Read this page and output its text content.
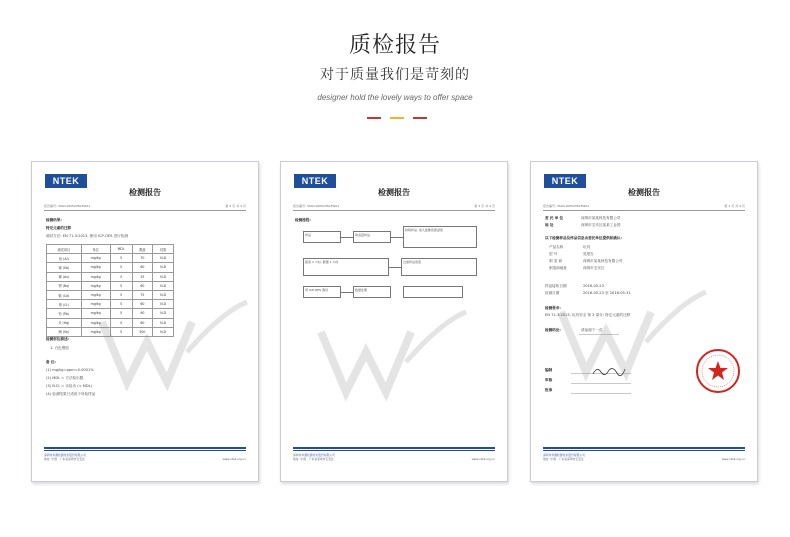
质检报告
对于质量我们是苛刻的
designer hold the lovely ways to offer space
NTEK
检测报告
报告编号: 3SGC160523503W01	第 2 页 共 4 页
检测结果:
特定元素的迁移
测试方法: EN 71-3:2013, 使用 ICP-OES 进行检测
测试项目	单位	MDL	限值	结果
铝 (Al)	mg/kg	5	70	N.D
锑 (Sb)	mg/kg	5	60	N.D
砷 (As)	mg/kg	5	25	N.D
钡 (Ba)	mg/kg	5	60	N.D
镉 (Cd)	mg/kg	5	75	N.D
铬 (Cr)	mg/kg	5	60	N.D
铅 (Pb)	mg/kg	5	90	N.D
汞 (Hg)	mg/kg	5	60	N.D
硒 (Se)	mg/kg	5	500	N.D
检测部位描述:
1. 白色塑胶
备 注:
(1) mg/kg=ppm=0.0001%
(2) MDL = 方法检出限
(3) N.D. = 未检出 (< MDL)
(4) 检测结果只适用于所检样品
深圳市华测检测技术股份有限公司
地址: 中国 · 广东省深圳市宝安区	www.ntek.org.cn
NTEK
检测报告
报告编号: 3SGC160523503W01	第 3 页 共 4 页
检测流程:
样品	取适量样品
称取样品, 加入盐酸溶液浸泡
振荡 1 小时, 静置 1 小时	过滤样品溶液
用 ICP-OES 测试	数据处理
深圳市华测检测技术股份有限公司
地址: 中国 · 广东省深圳市宝安区	www.ntek.org.cn
NTEK
检测报告
报告编号: 3SGC160523503W01	第 1 页 共 4 页
委 托 单 位	深圳市某某科技有限公司
地 址	深圳市宝安区某某工业园
以下检测样品及样品信息由委托单位提供和确认:
产品名称	玩具
型 号	见报告
制 造 商	深圳市某某科技有限公司
制造商地址	深圳市宝安区
样品接收日期	2016-05-23
检测日期	2016-05-23 至 2016-05-31
检测要求:
EN 71-3:2013, 玩具安全 第 3 部分: 特定元素的迁移
检测结论:	请参阅下一页
编制
审核
批准
深圳市华测检测技术股份有限公司
地址: 中国 · 广东省深圳市宝安区	www.ntek.org.cn
